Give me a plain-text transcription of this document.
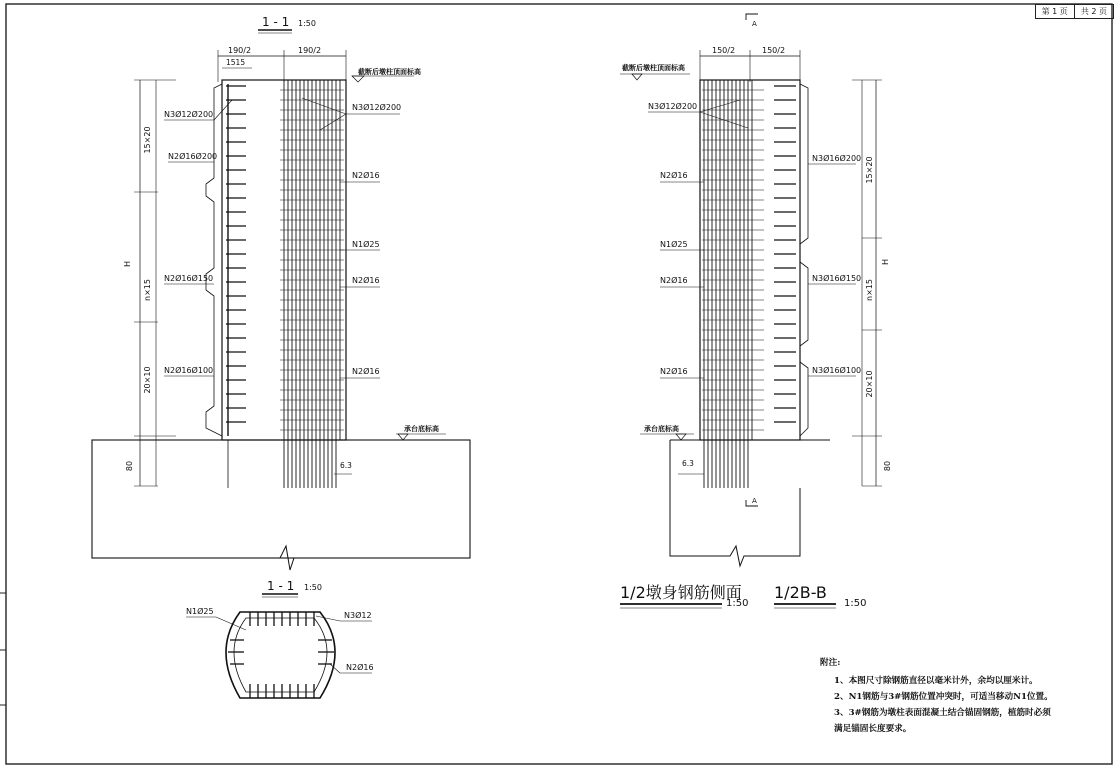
1 - 1 1:50
190/2	190/2
1515
15×20
H
n×15
20×10
80
N3Ø12Ø200
N2Ø16Ø200
N2Ø16Ø150
N2Ø16Ø100
N3Ø12Ø200
N2Ø16
N1Ø25
N2Ø16
N2Ø16
截断后墩柱顶面标高
承台底标高
6.3
1 - 1 1:50
N1Ø25	N3Ø12
N2Ø16
A
A
150/2	150/2
15×20
H
n×15
20×10
80
N3Ø12Ø200
N2Ø16
N1Ø25
N2Ø16
N2Ø16
N3Ø16Ø200
N3Ø16Ø150
N3Ø16Ø100
截断后墩柱顶面标高
承台底标高
6.3
1/2墩身钢筋侧面
1:50
1/2B-B
1:50
第 1 页	共 2 页
附注:
1、本图尺寸除钢筋直径以毫米计外，余均以厘米计。
2、N1钢筋与3#钢筋位置冲突时，可适当移动N1位置。
3、3#钢筋为墩柱表面混凝土结合锚固钢筋，植筋时必须
满足锚固长度要求。
